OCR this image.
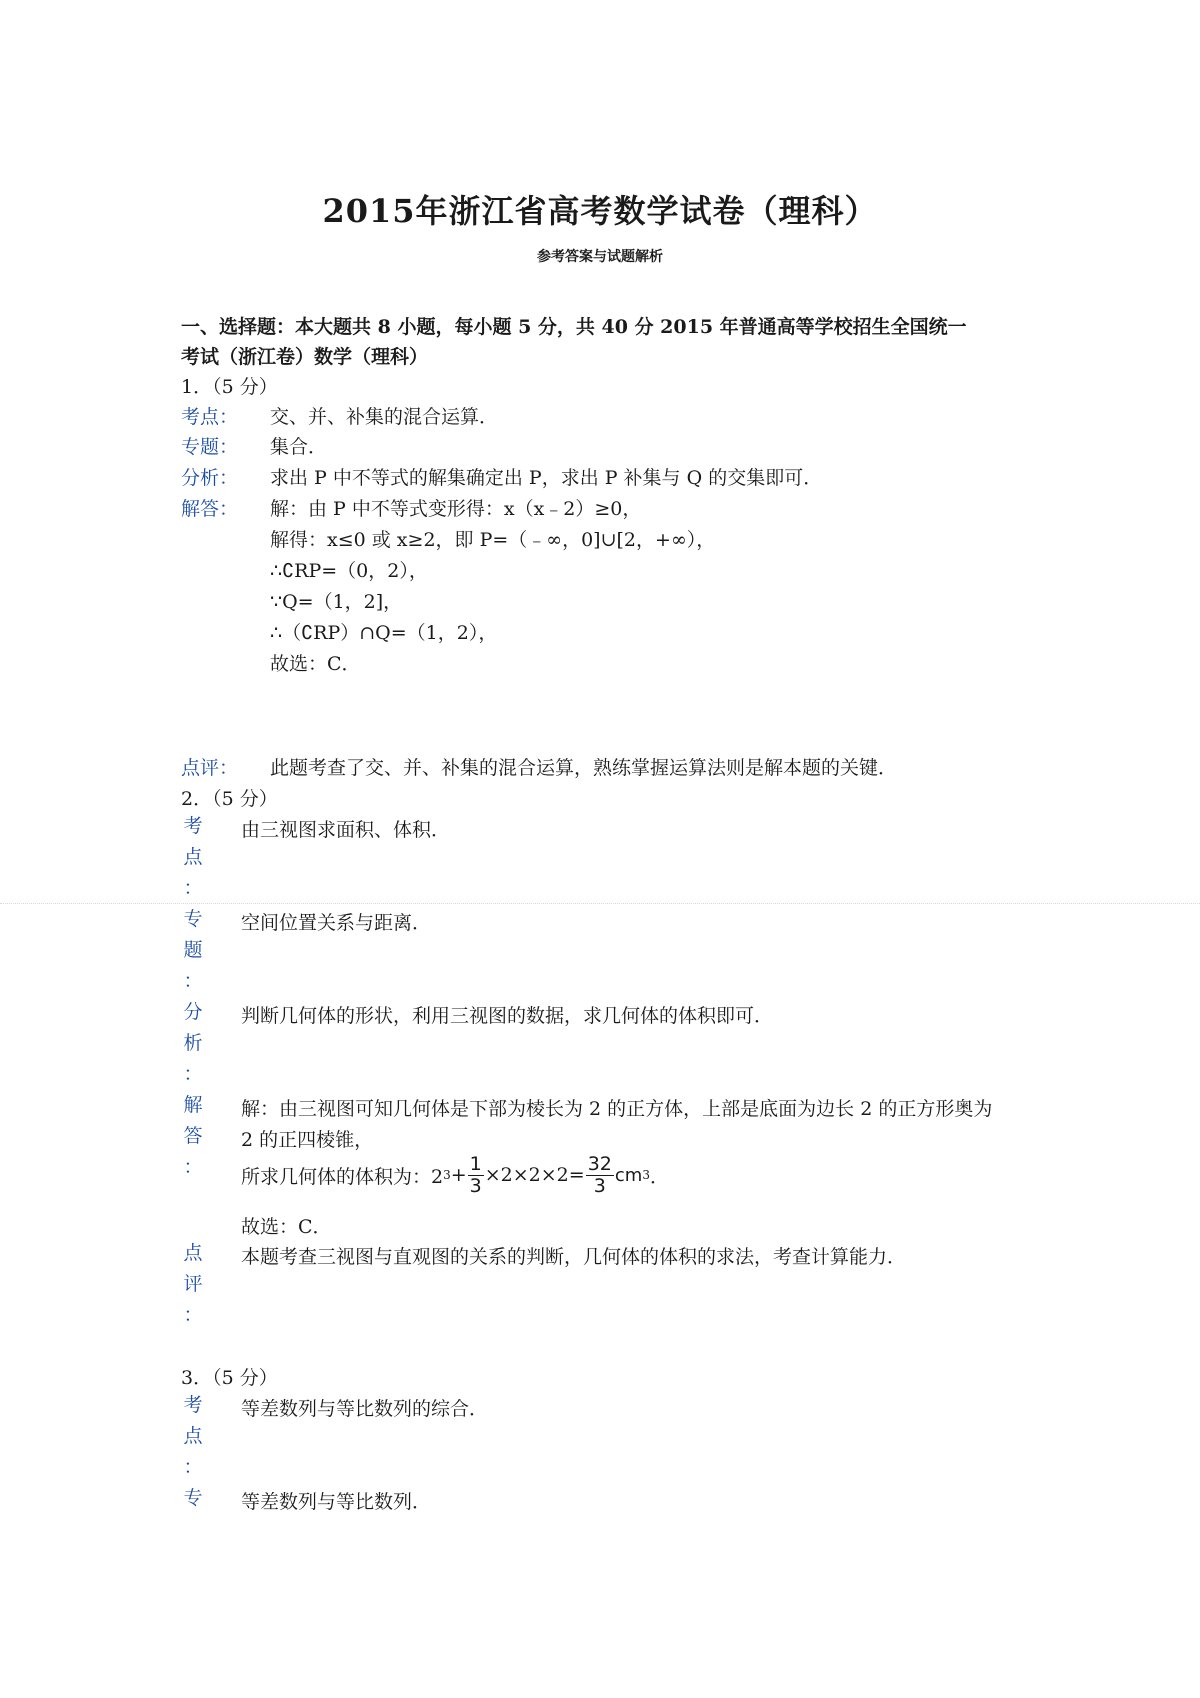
2015年浙江省高考数学试卷（理科）
参考答案与试题解析
一、选择题：本大题共 8 小题，每小题 5 分，共 40 分 2015 年普通高等学校招生全国统一
考试（浙江卷）数学（理科）
1．（5 分）
考点： 交、并、补集的混合运算．
专题： 集合．
分析： 求出 P 中不等式的解集确定出 P，求出 P 补集与 Q 的交集即可．
解答： 解：由 P 中不等式变形得：x（x﹣2）≥0，
解得：x≤0 或 x≥2，即 P=（﹣∞，0]∪[2，+∞），
∴∁RP=（0，2），
∵Q=（1，2]，
∴（∁RP）∩Q=（1，2），
故选：C．
点评： 此题考查了交、并、补集的混合运算，熟练掌握运算法则是解本题的关键．
2．（5 分）
考
点
：
由三视图求面积、体积．
专
题
：
空间位置关系与距离．
分
析
：
判断几何体的形状，利用三视图的数据，求几何体的体积即可．
解
答
：
解：由三视图可知几何体是下部为棱长为 2 的正方体，上部是底面为边长 2 的正方形奥为
2 的正四棱锥，
所求几何体的体积为：2 $3 + \frac{1}{3} \times 2\times 2\times 2= \frac{32}{3}$ cm 3 ．
故选：C．
点
评
：
本题考查三视图与直观图的关系的判断，几何体的体积的求法，考查计算能力．
3．（5 分）
考
点
：
等差数列与等比数列的综合．
专 等差数列与等比数列．
